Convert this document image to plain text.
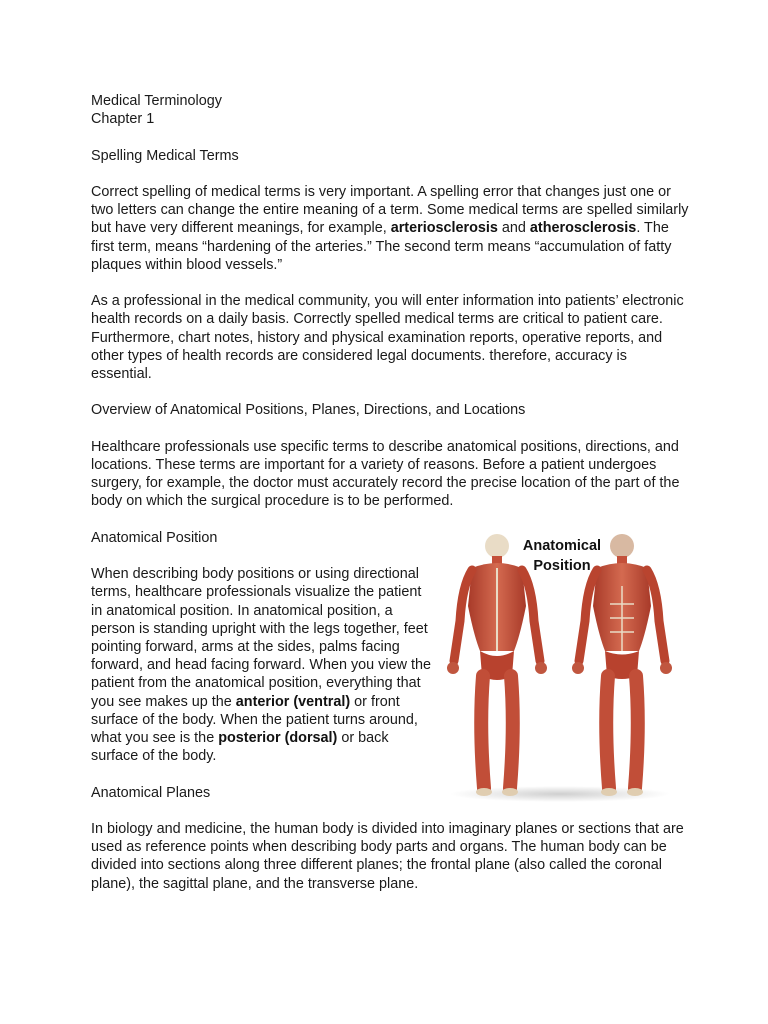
Medical Terminology

Chapter 1

Spelling Medical Terms

Correct spelling of medical terms is very important. A spelling error that changes just one or two letters can change the entire meaning of a term. Some medical terms are spelled similarly but have very different meanings, for example, arteriosclerosis and atherosclerosis. The first term, means “hardening of the arteries.” The second term means “accumulation of fatty plaques within blood vessels.”

As a professional in the medical community, you will enter information into patients’ electronic health records on a daily basis. Correctly spelled medical terms are critical to patient care. Furthermore, chart notes, history and physical examination reports, operative reports, and other types of health records are considered legal documents. therefore, accuracy is essential.

Overview of Anatomical Positions, Planes, Directions, and Locations

Healthcare professionals use specific terms to describe anatomical positions, directions, and locations. These terms are important for a variety of reasons. Before a patient undergoes surgery, for example, the doctor must accurately record the precise location of the part of the body on which the surgical procedure is to be performed.

Anatomical Position

When describing body positions or using directional terms, healthcare professionals visualize the patient in anatomical position. In anatomical position, a person is standing upright with the legs together, feet pointing forward, arms at the sides, palms facing forward, and head facing forward. When you view the patient from the anatomical position, everything that you see makes up the anterior (ventral) or front surface of the body. When the patient turns around, what you see is the posterior (dorsal) or back surface of the body.

Anatomical Planes

In biology and medicine, the human body is divided into imaginary planes or sections that are used as reference points when describing body parts and organs. The human body can be divided into sections along three different planes; the frontal plane (also called the coronal plane), the sagittal plane, and the transverse plane.

Anatomical
Position
